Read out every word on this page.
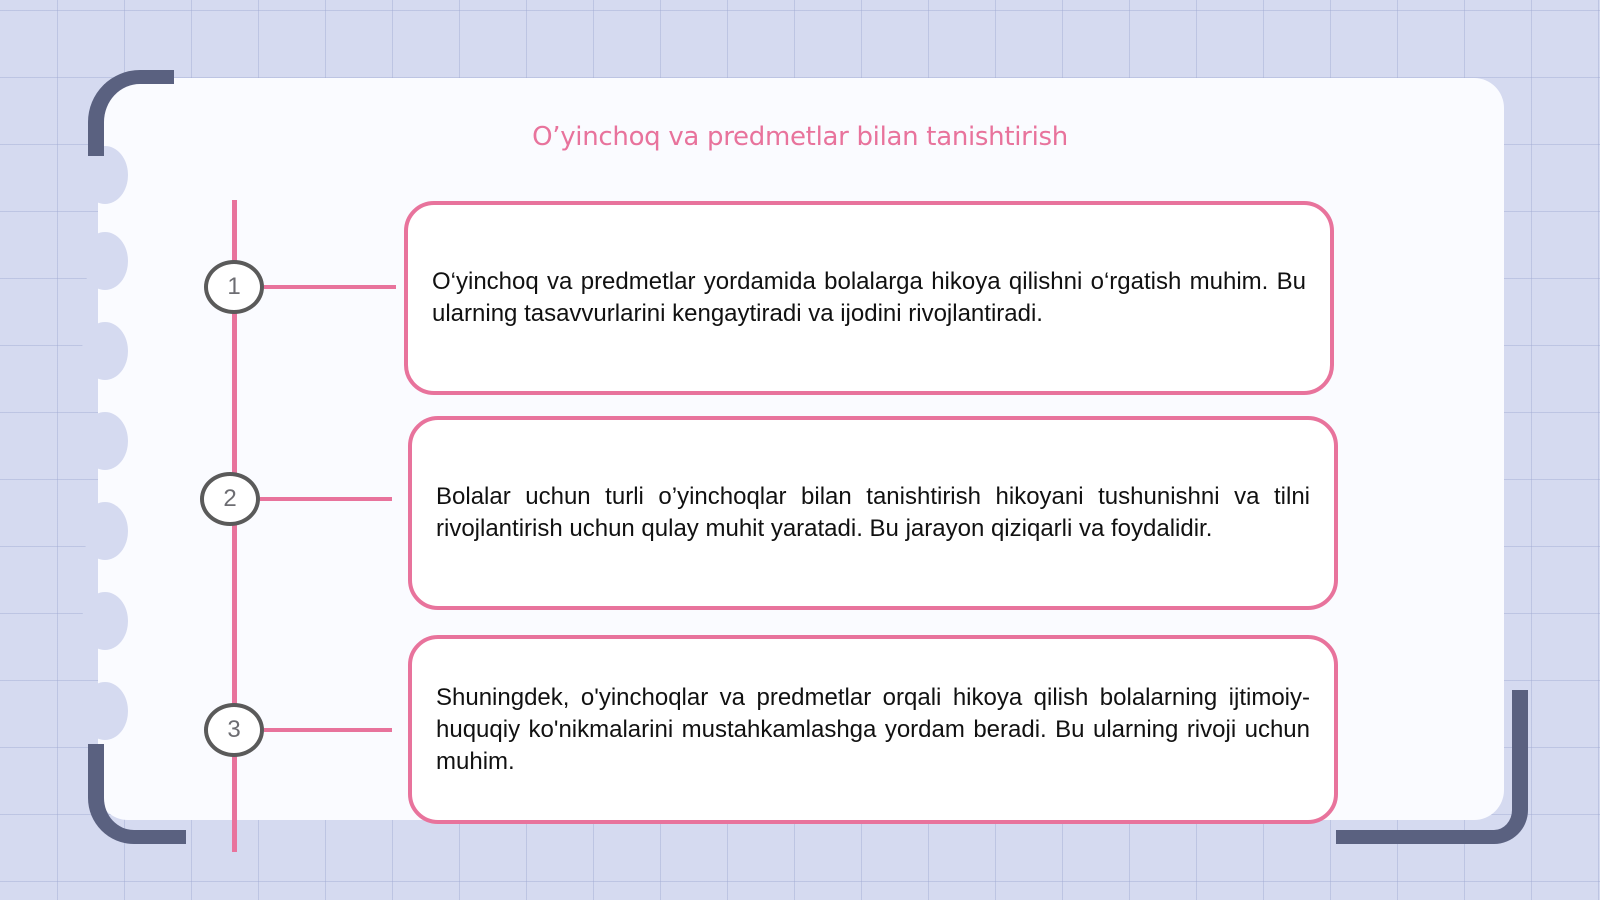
Oʼyinchoq va predmetlar bilan tanishtirish
1
2
3

O‘yinchoq va predmetlar yordamida bolalarga hikoya qilishni o‘rgatish muhim. Bu ularning tasavvurlarini kengaytiradi va ijodini rivojlantiradi.

Bolalar uchun turli o’yinchoqlar bilan tanishtirish hikoyani tushunishni va tilni rivojlantirish uchun qulay muhit yaratadi. Bu jarayon qiziqarli va foydalidir.

Shuningdek, o'yinchoqlar va predmetlar orqali hikoya qilish bolalarning ijtimoiy-huquqiy ko'nikmalarini mustahkamlashga yordam beradi. Bu ularning rivoji uchun muhim.
